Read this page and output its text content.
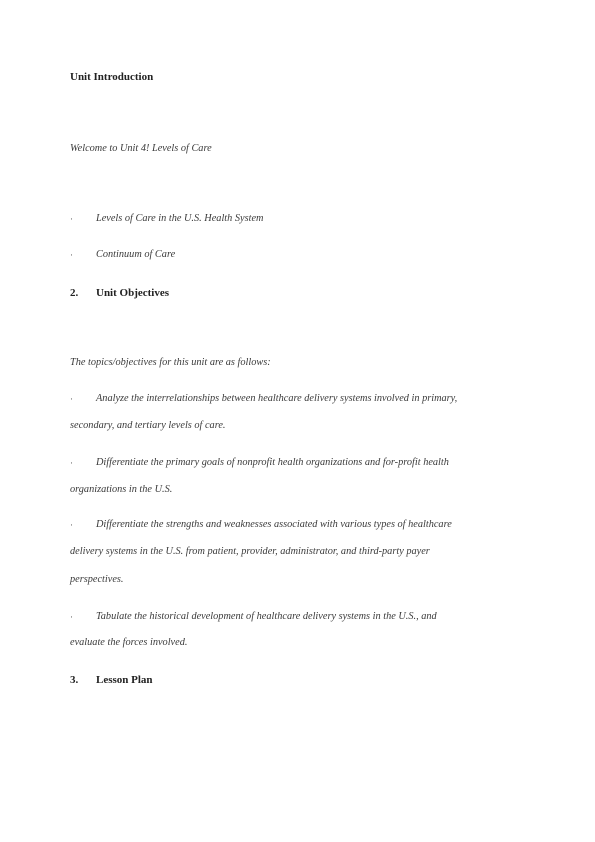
Unit Introduction
Welcome to Unit 4! Levels of Care
· Levels of Care in the U.S. Health System
· Continuum of Care
2. Unit Objectives
The topics/objectives for this unit are as follows:
· Analyze the interrelationships between healthcare delivery systems involved in primary,
secondary, and tertiary levels of care.
· Differentiate the primary goals of nonprofit health organizations and for-profit health
organizations in the U.S.
· Differentiate the strengths and weaknesses associated with various types of healthcare
delivery systems in the U.S. from patient, provider, administrator, and third-party payer
perspectives.
· Tabulate the historical development of healthcare delivery systems in the U.S., and
evaluate the forces involved.
3. Lesson Plan
